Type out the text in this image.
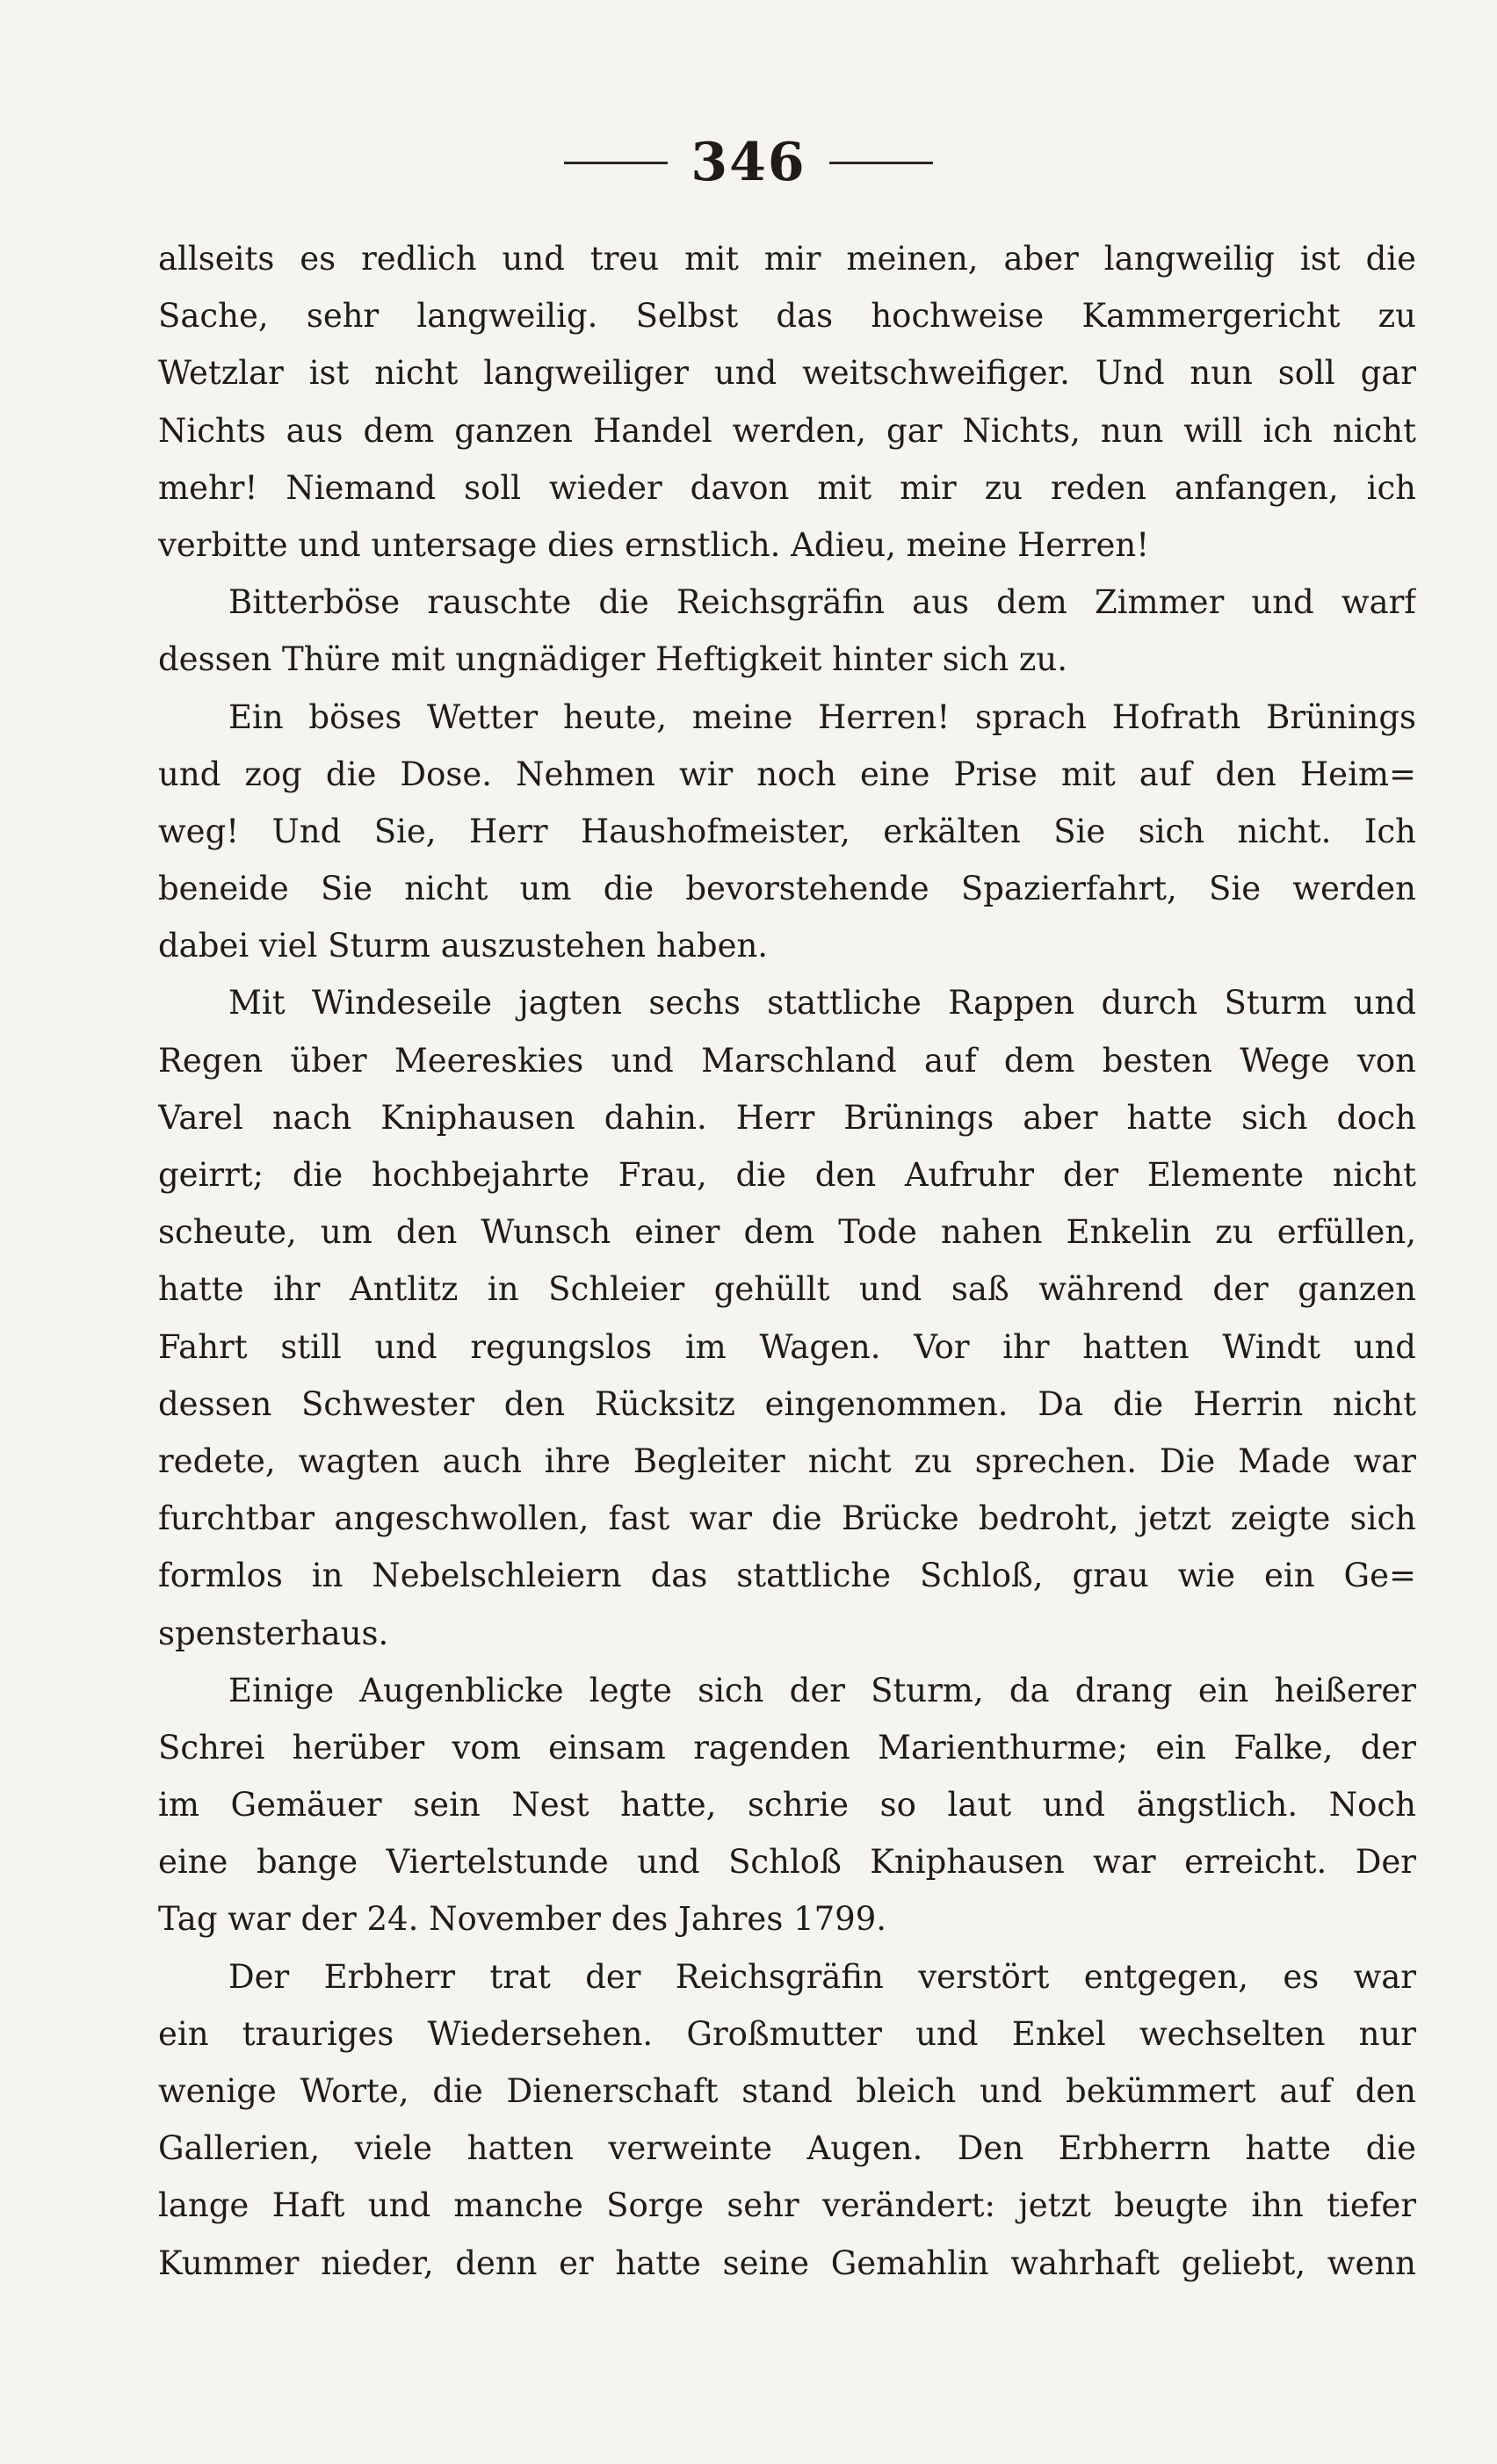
346
allseits es redlich und treu mit mir meinen, aber langweilig ist die
Sache, sehr langweilig. Selbst das hochweise Kammergericht zu
Wetzlar ist nicht langweiliger und weitschweifiger. Und nun soll gar
Nichts aus dem ganzen Handel werden, gar Nichts, nun will ich nicht
mehr! Niemand soll wieder davon mit mir zu reden anfangen, ich
verbitte und untersage dies ernstlich. Adieu, meine Herren!
Bitterböse rauschte die Reichsgräfin aus dem Zimmer und warf
dessen Thüre mit ungnädiger Heftigkeit hinter sich zu.
Ein böses Wetter heute, meine Herren! sprach Hofrath Brünings
und zog die Dose. Nehmen wir noch eine Prise mit auf den Heim=
weg! Und Sie, Herr Haushofmeister, erkälten Sie sich nicht. Ich
beneide Sie nicht um die bevorstehende Spazierfahrt, Sie werden
dabei viel Sturm auszustehen haben.
Mit Windeseile jagten sechs stattliche Rappen durch Sturm und
Regen über Meereskies und Marschland auf dem besten Wege von
Varel nach Kniphausen dahin. Herr Brünings aber hatte sich doch
geirrt; die hochbejahrte Frau, die den Aufruhr der Elemente nicht
scheute, um den Wunsch einer dem Tode nahen Enkelin zu erfüllen,
hatte ihr Antlitz in Schleier gehüllt und saß während der ganzen
Fahrt still und regungslos im Wagen. Vor ihr hatten Windt und
dessen Schwester den Rücksitz eingenommen. Da die Herrin nicht
redete, wagten auch ihre Begleiter nicht zu sprechen. Die Made war
furchtbar angeschwollen, fast war die Brücke bedroht, jetzt zeigte sich
formlos in Nebelschleiern das stattliche Schloß, grau wie ein Ge=
spensterhaus.
Einige Augenblicke legte sich der Sturm, da drang ein heißerer
Schrei herüber vom einsam ragenden Marienthurme; ein Falke, der
im Gemäuer sein Nest hatte, schrie so laut und ängstlich. Noch
eine bange Viertelstunde und Schloß Kniphausen war erreicht. Der
Tag war der 24. November des Jahres 1799.
Der Erbherr trat der Reichsgräfin verstört entgegen, es war
ein trauriges Wiedersehen. Großmutter und Enkel wechselten nur
wenige Worte, die Dienerschaft stand bleich und bekümmert auf den
Gallerien, viele hatten verweinte Augen. Den Erbherrn hatte die
lange Haft und manche Sorge sehr verändert: jetzt beugte ihn tiefer
Kummer nieder, denn er hatte seine Gemahlin wahrhaft geliebt, wenn
